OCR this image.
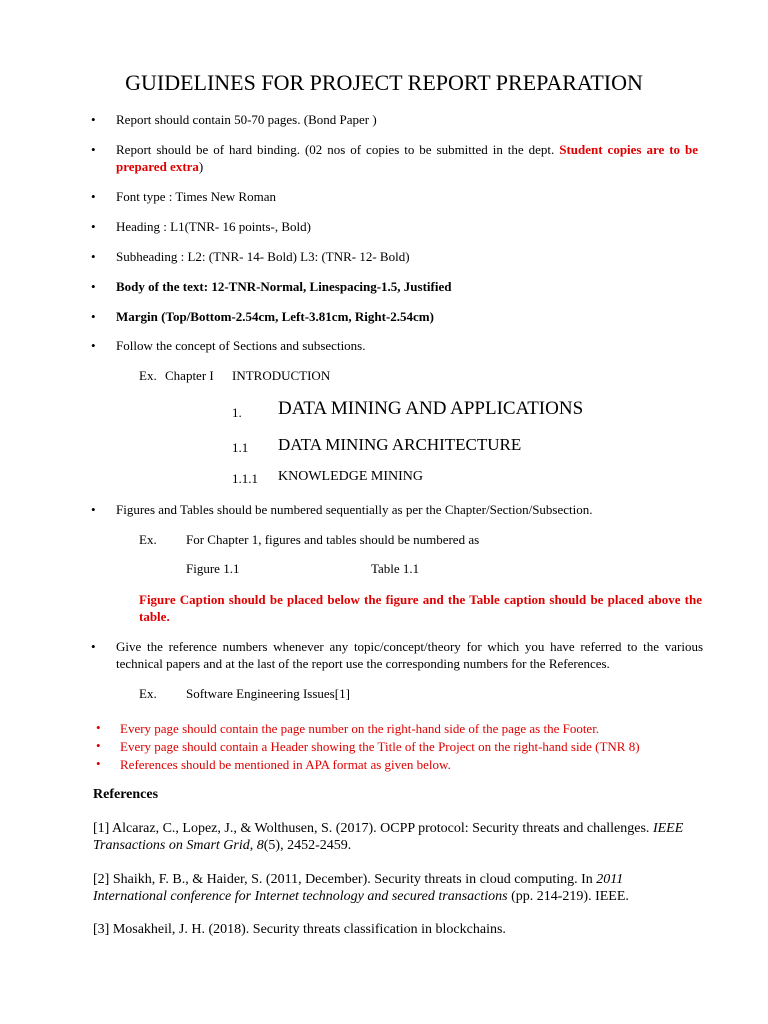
GUIDELINES FOR PROJECT REPORT PREPARATION
• Report should contain 50-70 pages. (Bond Paper )
• Report should be of hard binding. (02 nos of copies to be submitted in the dept. Student copies are to be prepared extra)
• Font type : Times New Roman
• Heading : L1(TNR- 16 points-, Bold)
• Subheading : L2: (TNR- 14- Bold) L3: (TNR- 12- Bold)
• Body of the text: 12-TNR-Normal, Linespacing-1.5, Justified
• Margin (Top/Bottom-2.54cm, Left-3.81cm, Right-2.54cm)
• Follow the concept of Sections and subsections.
Ex. Chapter I INTRODUCTION
1. DATA MINING AND APPLICATIONS
1.1 DATA MINING ARCHITECTURE
1.1.1 KNOWLEDGE MINING
• Figures and Tables should be numbered sequentially as per the Chapter/Section/Subsection.
Ex. For Chapter 1, figures and tables should be numbered as
Figure 1.1	Table 1.1
Figure Caption should be placed below the figure and the Table caption should be placed above the table.
• Give the reference numbers whenever any topic/concept/theory for which you have referred to the various technical papers and at the last of the report use the corresponding numbers for the References.
Ex. Software Engineering Issues[1]
• Every page should contain the page number on the right-hand side of the page as the Footer.
• Every page should contain a Header showing the Title of the Project on the right-hand side (TNR 8)
• References should be mentioned in APA format as given below.
References
[1] Alcaraz, C., Lopez, J., & Wolthusen, S. (2017). OCPP protocol: Security threats and challenges. IEEE Transactions on Smart Grid, 8(5), 2452-2459.
[2] Shaikh, F. B., & Haider, S. (2011, December). Security threats in cloud computing. In 2011 International conference for Internet technology and secured transactions (pp. 214-219). IEEE.
[3] Mosakheil, J. H. (2018). Security threats classification in blockchains.
